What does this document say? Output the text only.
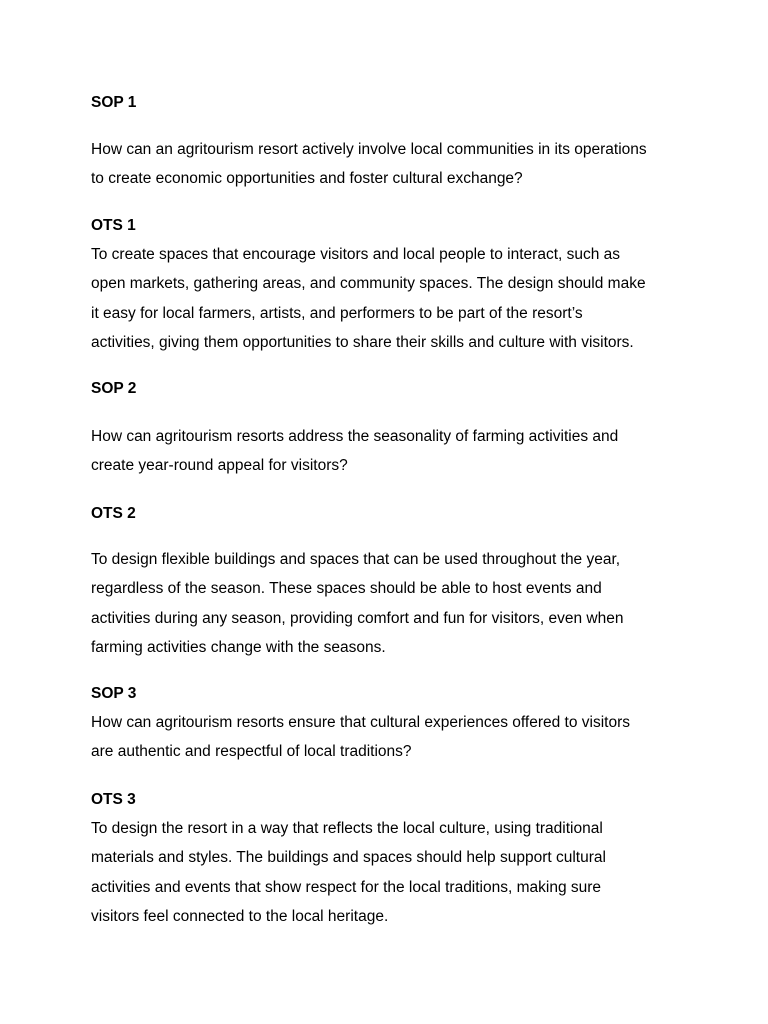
SOP 1

How can an agritourism resort actively involve local communities in its operations
to create economic opportunities and foster cultural exchange?

OTS 1

To create spaces that encourage visitors and local people to interact, such as
open markets, gathering areas, and community spaces. The design should make
it easy for local farmers, artists, and performers to be part of the resort’s
activities, giving them opportunities to share their skills and culture with visitors.

SOP 2

How can agritourism resorts address the seasonality of farming activities and
create year-round appeal for visitors?

OTS 2

To design flexible buildings and spaces that can be used throughout the year,
regardless of the season. These spaces should be able to host events and
activities during any season, providing comfort and fun for visitors, even when
farming activities change with the seasons.

SOP 3

How can agritourism resorts ensure that cultural experiences offered to visitors
are authentic and respectful of local traditions?

OTS 3

To design the resort in a way that reflects the local culture, using traditional
materials and styles. The buildings and spaces should help support cultural
activities and events that show respect for the local traditions, making sure
visitors feel connected to the local heritage.
